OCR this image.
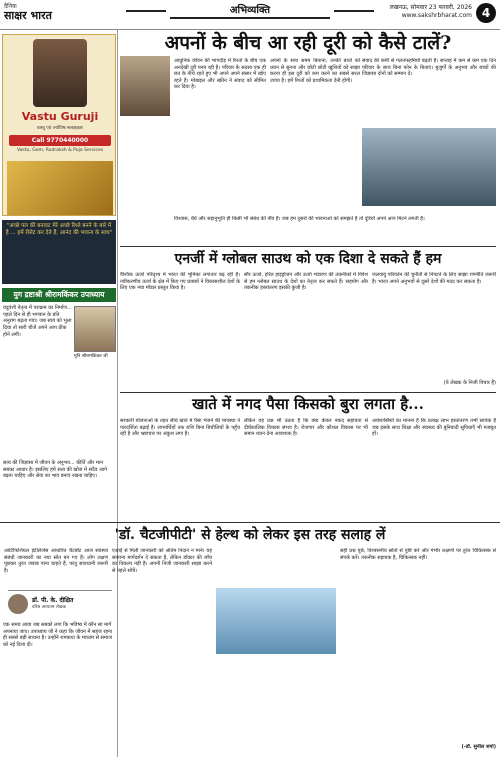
दैनिक
साक्षर भारत	अभिव्यक्ति	लखनऊ, सोमवार 23 फरवरी, 2026
www.sakshrbharat.com 4
Vastu Guruji
वास्तु एवं ज्योतिष सलाहकार
Call 9770440000
Vastu, Gem, Rudraksh & Puja Services

"अच्छे पल की बनावट मेरे अच्छे रिश्ते बनने के बारे में है ... हमें रीसेट कर देते हैं, आनंद की भावना के साथ"

युग द्रष्टाश्री श्रीरामकिंकर उपाध्याय

यदुवंशी नेतृत्व में पराक्रम का निर्माण... पहले दिन से ही भगवान के प्रति अनुराग बढ़ता गया। जब स्वयं को भुला दिया तो सारी चीजें अपने आप ठीक होने लगीं।

मुनि श्रीरामकिंकर जी

सत्य की जिज्ञासा में जीवन के अनुभव... कीर्ति और मान सबका आधार है। इसलिए हमें सत्य की खोज में सदैव आगे बढ़ना चाहिए और सेवा का भाव बनाए रखना चाहिए।

डॉ. पी. के. दीक्षित
वरिष्ठ अध्यात्म लेखक

एक समय आया जब सबको लगा कि भविष्य में कौन सा मार्ग अपनाया जाए। उपाध्याय जी ने कहा कि जीवन में सहज रहना ही सबसे बड़ी साधना है। उन्होंने रामकथा के माध्यम से समाज को नई दिशा दी।

अपनों के बीच आ रही दूरी को कैसे टालें?

आधुनिक जीवन की भागदौड़ में रिश्तों के बीच एक अनदेखी दूरी पनप रही है। परिवार के सदस्य एक ही छत के नीचे रहते हुए भी अपने अपने संसार में खोए रहते हैं। मोबाइल और स्क्रीन ने संवाद को सीमित कर दिया है।

अपनों के साथ समय बिताना, उनकी बातों को ध्यान से सुनना और छोटी छोटी खुशियों को साझा करना ही इस दूरी को कम करने का सबसे सरल उपाय है। हमें रिश्तों को प्राथमिकता देनी होगी।

संवाद की कमी से गलतफहमियाँ बढ़ती हैं। सप्ताह में कम से कम एक दिन परिवार के साथ बिना फोन के बिताएं। बुजुर्गों के अनुभव और बच्चों की जिज्ञासा दोनों को सम्मान दें।

विश्वास, धैर्य और सहानुभूति ही किसी भी संबंध की नींव हैं। जब हम दूसरों की भावनाओं को समझते हैं तो दूरियाँ अपने आप मिटने लगती हैं।

एनर्जी में ग्लोबल साउथ को एक दिशा दे सकते हैं हम

वैश्विक ऊर्जा परिदृश्य में भारत की भूमिका लगातार बढ़ रही है। नवीकरणीय ऊर्जा के क्षेत्र में किए गए प्रयासों ने विकासशील देशों के लिए एक नया मॉडल प्रस्तुत किया है।

सौर ऊर्जा, हरित हाइड्रोजन और ऊर्जा भंडारण की तकनीकों में निवेश से हम ग्लोबल साउथ के देशों का नेतृत्व कर सकते हैं। सहयोग और तकनीक हस्तांतरण इसकी कुंजी है।

जलवायु परिवर्तन की चुनौती से निपटने के लिए साझा रणनीति जरूरी है। भारत अपने अनुभवों से दूसरे देशों की मदद कर सकता है।

(ये लेखक के निजी विचार हैं)

खाते में नगद पैसा किसको बुरा लगता है...

सरकारी योजनाओं के तहत सीधे खाते में पैसा भेजने की व्यवस्था ने पारदर्शिता बढ़ाई है। लाभार्थियों तक राशि बिना बिचौलियों के पहुँच रही है और भ्रष्टाचार पर अंकुश लगा है।

लेकिन यह प्रश्न भी उठता है कि क्या केवल नकद सहायता से दीर्घकालिक विकास संभव है। रोजगार और कौशल विकास पर भी समान ध्यान देना आवश्यक है।

अर्थशास्त्रियों का मानना है कि प्रत्यक्ष लाभ हस्तांतरण तभी सार्थक है जब इसके साथ शिक्षा और स्वास्थ्य की बुनियादी सुविधाएँ भी मजबूत हों।

'डॉ. चैटजीपीटी' से हेल्थ को लेकर इस तरह सलाह लें

आर्टिफिशियल इंटेलिजेंस आधारित चैटबॉट आज स्वास्थ्य संबंधी जानकारी का नया स्रोत बन गए हैं। लोग लक्षण पूछकर तुरंत जवाब पाना चाहते हैं, परंतु सावधानी जरूरी है।

एआई से मिली जानकारी को अंतिम निदान न मानें। यह सामान्य मार्गदर्शन दे सकता है, लेकिन डॉक्टर की जाँच का विकल्प नहीं है। अपनी निजी जानकारी साझा करने से पहले सोचें।

सही प्रश्न पूछें, विश्वसनीय स्रोतों से पुष्टि करें और गंभीर लक्षणों पर तुरंत चिकित्सक से संपर्क करें। तकनीक सहायक है, चिकित्सक नहीं।

(-डॉ. सुनील शर्मा)
